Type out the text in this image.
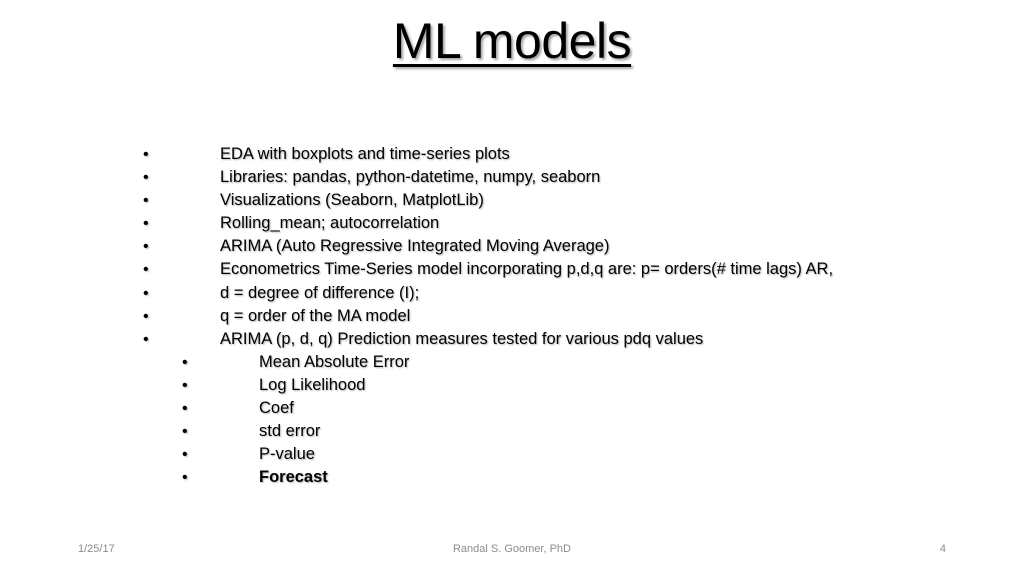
ML models
•	EDA with boxplots and time-series plots
•	Libraries: pandas, python-datetime, numpy, seaborn
•	Visualizations (Seaborn, MatplotLib)
•	Rolling_mean; autocorrelation
•	ARIMA (Auto Regressive Integrated Moving Average)
•	Econometrics Time-Series model incorporating p,d,q are: p= orders(# time lags) AR,
•	d = degree of difference (I);
•	q = order of the MA model
•	ARIMA (p, d, q) Prediction measures tested for various pdq values
•	Mean Absolute Error
•	Log Likelihood
•	Coef
•	std error
•	P-value
•	Forecast
Randal S. Goomer, PhD
1/25/17	4
